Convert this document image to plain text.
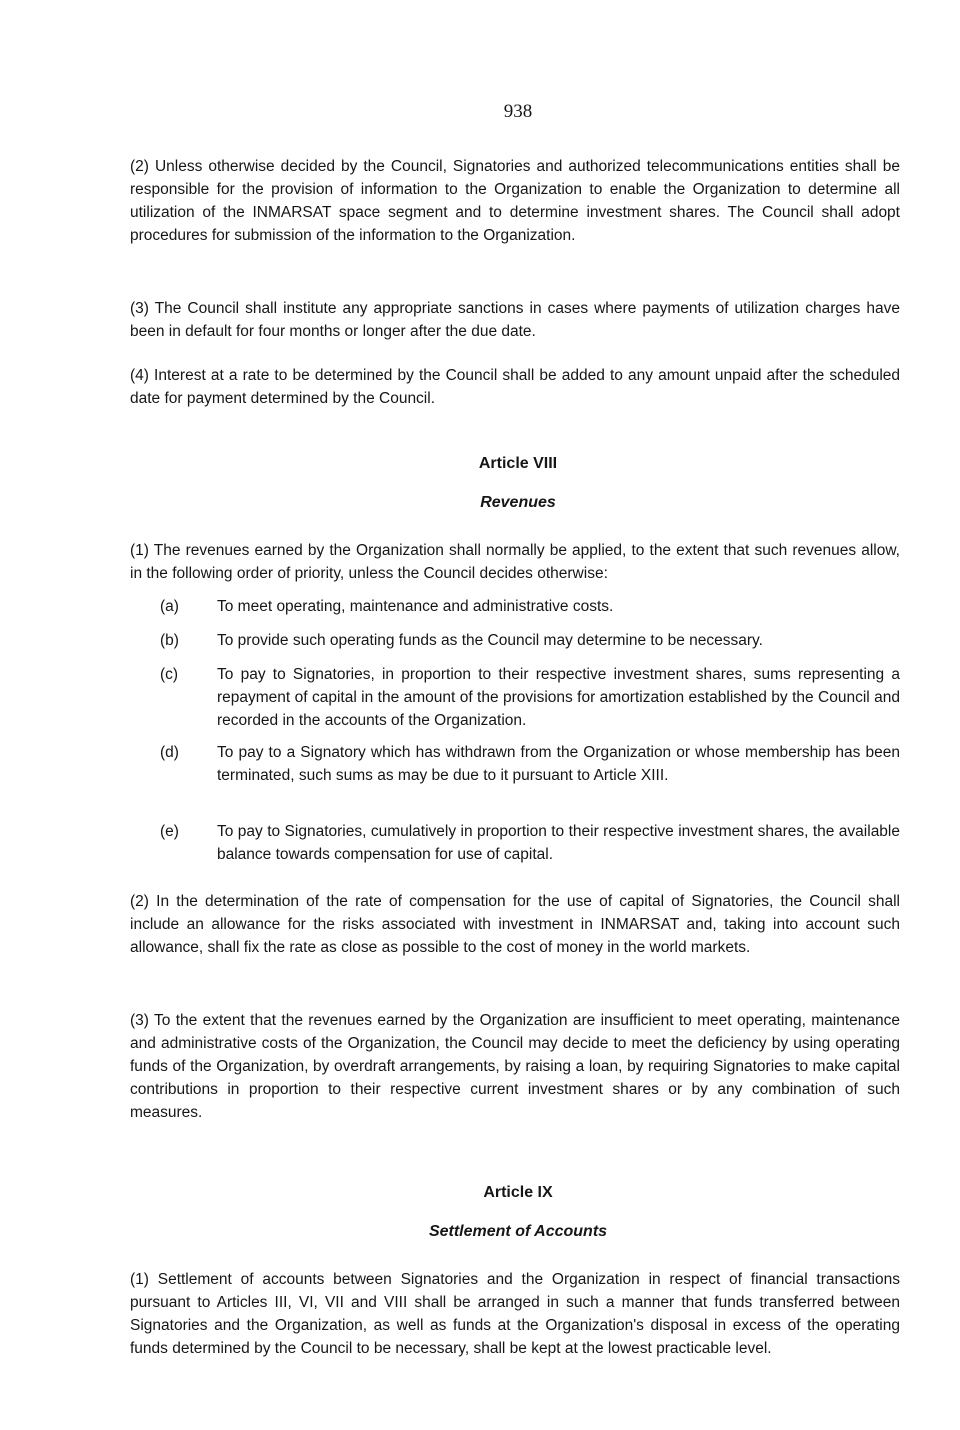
938
(2) Unless otherwise decided by the Council, Signatories and authorized telecommunications entities shall be responsible for the provision of information to the Organization to enable the Organization to determine all utilization of the INMARSAT space segment and to determine investment shares. The Council shall adopt procedures for submission of the information to the Organization.
(3) The Council shall institute any appropriate sanctions in cases where payments of utilization charges have been in default for four months or longer after the due date.
(4) Interest at a rate to be determined by the Council shall be added to any amount unpaid after the scheduled date for payment determined by the Council.
Article VIII
Revenues
(1) The revenues earned by the Organization shall normally be applied, to the extent that such revenues allow, in the following order of priority, unless the Council decides otherwise:
(a) To meet operating, maintenance and administrative costs.
(b) To provide such operating funds as the Council may determine to be necessary.
(c)	To pay to Signatories, in proportion to their respective investment shares, sums representing a repayment of capital in the amount of the provisions for amortization established by the Council and recorded in the accounts of the Organization.
(d) To pay to a Signatory which has withdrawn from the Organization or whose membership has been terminated, such sums as may be due to it pursuant to Article XIII.
(e) To pay to Signatories, cumulatively in proportion to their respective investment shares, the available balance towards compensation for use of capital.
(2) In the determination of the rate of compensation for the use of capital of Signatories, the Council shall include an allowance for the risks associated with investment in INMARSAT and, taking into account such allowance, shall fix the rate as close as possible to the cost of money in the world markets.
(3) To the extent that the revenues earned by the Organization are insufficient to meet operating, maintenance and administrative costs of the Organization, the Council may decide to meet the deficiency by using operating funds of the Organization, by overdraft arrangements, by raising a loan, by requiring Signatories to make capital contributions in proportion to their respective current investment shares or by any combination of such measures.
Article IX
Settlement of Accounts
(1) Settlement of accounts between Signatories and the Organization in respect of financial transactions pursuant to Articles III, VI, VII and VIII shall be arranged in such a manner that funds transferred between Signatories and the Organization, as well as funds at the Organization's disposal in excess of the operating funds determined by the Council to be necessary, shall be kept at the lowest practicable level.
